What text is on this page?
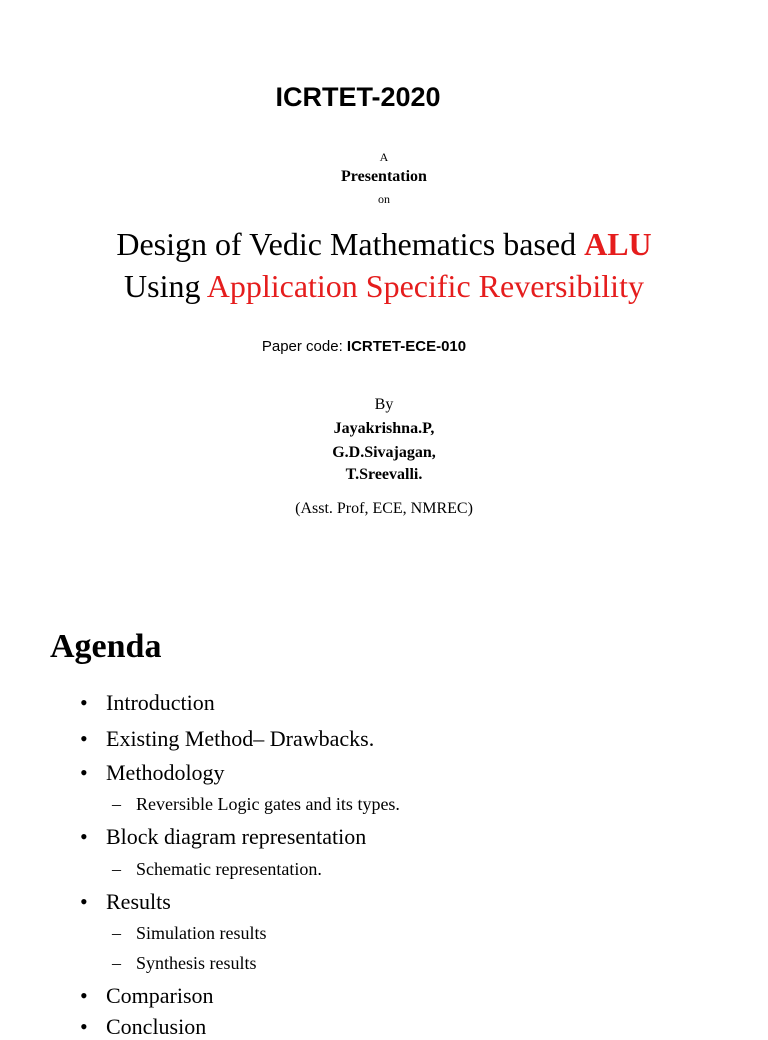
ICRTET-2020
A
Presentation
on
Design of Vedic Mathematics based ALU
Using Application Specific Reversibility
Paper code: ICRTET-ECE-010
By
Jayakrishna.P,
G.D.Sivajagan,
T.Sreevalli.
(Asst. Prof, ECE, NMREC)
Agenda
• Introduction
• Existing Method– Drawbacks.
• Methodology
– Reversible Logic gates and its types.
• Block diagram representation
– Schematic representation.
• Results
– Simulation results
– Synthesis results
• Comparison
• Conclusion
